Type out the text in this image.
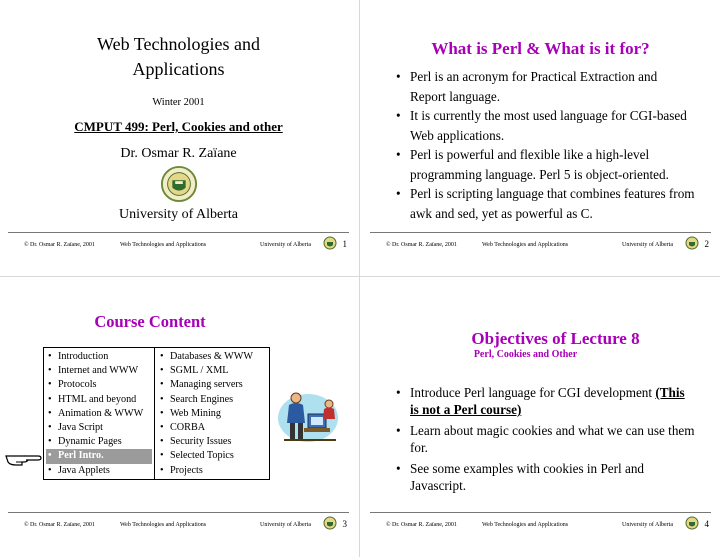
Web Technologies and
Applications
Winter 2001
CMPUT 499: Perl, Cookies and other
Dr. Osmar R. Zaïane
University of Alberta
© Dr. Osmar R. Zaïane, 2001	Web Technologies and Applications	University of Alberta	1
What is Perl & What is it for?
• Perl is an acronym for Practical Extraction and Report language.
• It is currently the most used language for CGI-based Web applications.
• Perl is powerful and flexible like a high-level programming language. Perl 5 is object-oriented.
• Perl is scripting language that combines features from awk and sed, yet as powerful as C.
© Dr. Osmar R. Zaïane, 2001	Web Technologies and Applications	University of Alberta	2
Course Content
• Introduction
• Internet and WWW
• Protocols
• HTML and beyond
• Animation & WWW
• Java Script
• Dynamic Pages
• Perl Intro.
• Java Applets
• Databases & WWW
• SGML / XML
• Managing servers
• Search Engines
• Web Mining
• CORBA
• Security Issues
• Selected Topics
• Projects
© Dr. Osmar R. Zaïane, 2001	Web Technologies and Applications	University of Alberta	3
Objectives of Lecture 8
Perl, Cookies and Other
• Introduce Perl language for CGI development (This is not a Perl course)
• Learn about magic cookies and what we can use them for.
• See some examples with cookies in Perl and Javascript.
© Dr. Osmar R. Zaïane, 2001	Web Technologies and Applications	University of Alberta	4
